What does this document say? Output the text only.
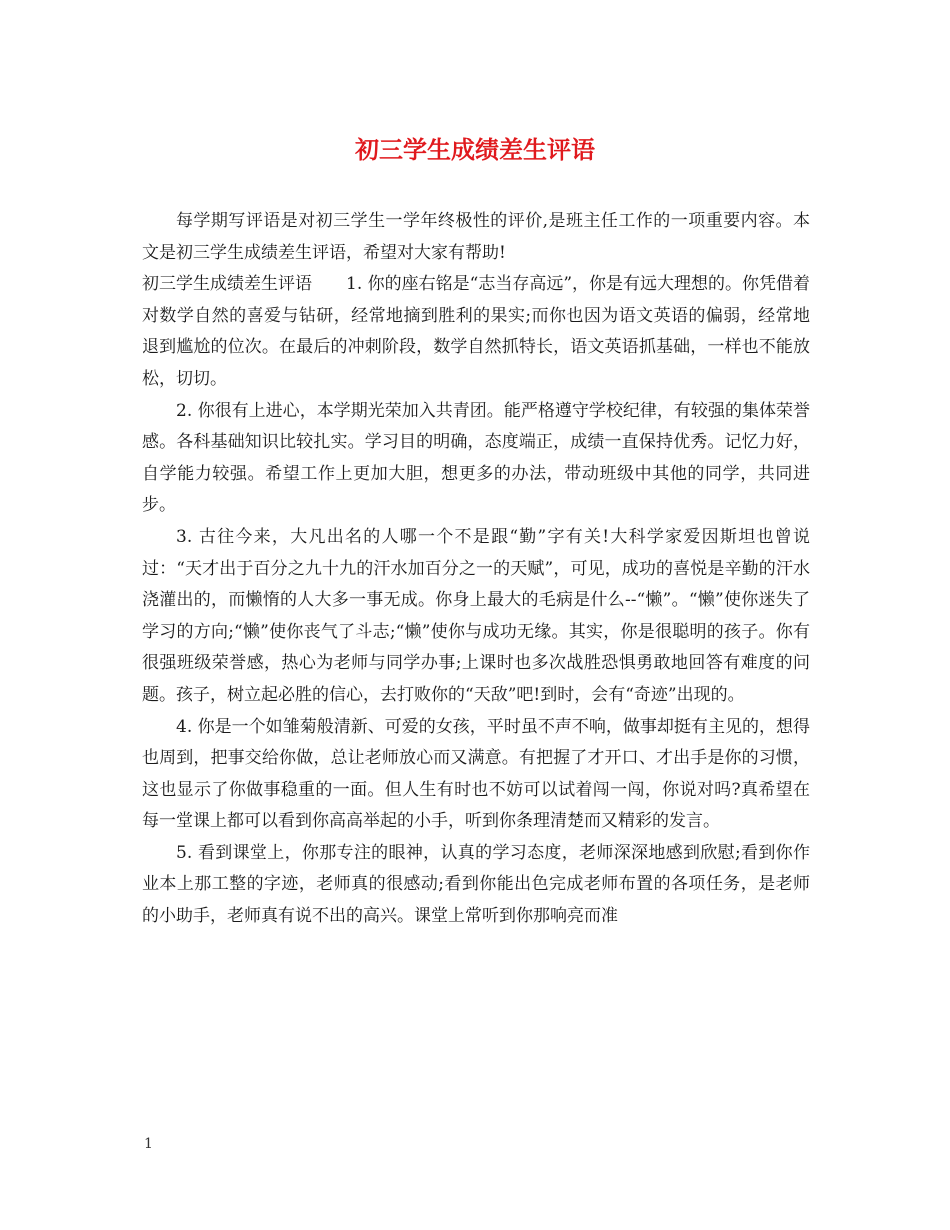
初三学生成绩差生评语

每学期写评语是对初三学生一学年终极性的评价,是班主任工作的一项重要内容。本文是初三学生成绩差生评语，希望对大家有帮助!

初三学生成绩差生评语　　1. 你的座右铭是“志当存高远”，你是有远大理想的。你凭借着对数学自然的喜爱与钻研，经常地摘到胜利的果实;而你也因为语文英语的偏弱，经常地退到尴尬的位次。在最后的冲刺阶段，数学自然抓特长，语文英语抓基础，一样也不能放松，切切。

2. 你很有上进心，本学期光荣加入共青团。能严格遵守学校纪律，有较强的集体荣誉感。各科基础知识比较扎实。学习目的明确，态度端正，成绩一直保持优秀。记忆力好，自学能力较强。希望工作上更加大胆，想更多的办法，带动班级中其他的同学，共同进步。

3. 古往今来，大凡出名的人哪一个不是跟“勤”字有关!大科学家爱因斯坦也曾说过：“天才出于百分之九十九的汗水加百分之一的天赋”，可见，成功的喜悦是辛勤的汗水浇灌出的，而懒惰的人大多一事无成。你身上最大的毛病是什么--“懒”。“懒”使你迷失了学习的方向;“懒”使你丧气了斗志;“懒”使你与成功无缘。其实，你是很聪明的孩子。你有很强班级荣誉感，热心为老师与同学办事;上课时也多次战胜恐惧勇敢地回答有难度的问题。孩子，树立起必胜的信心，去打败你的“天敌”吧!到时，会有“奇迹”出现的。

4. 你是一个如雏菊般清新、可爱的女孩，平时虽不声不响，做事却挺有主见的，想得也周到，把事交给你做，总让老师放心而又满意。有把握了才开口、才出手是你的习惯，这也显示了你做事稳重的一面。但人生有时也不妨可以试着闯一闯，你说对吗?真希望在每一堂课上都可以看到你高高举起的小手，听到你条理清楚而又精彩的发言。

5. 看到课堂上，你那专注的眼神，认真的学习态度，老师深深地感到欣慰;看到你作业本上那工整的字迹，老师真的很感动;看到你能出色完成老师布置的各项任务，是老师的小助手，老师真有说不出的高兴。课堂上常听到你那响亮而准

1
